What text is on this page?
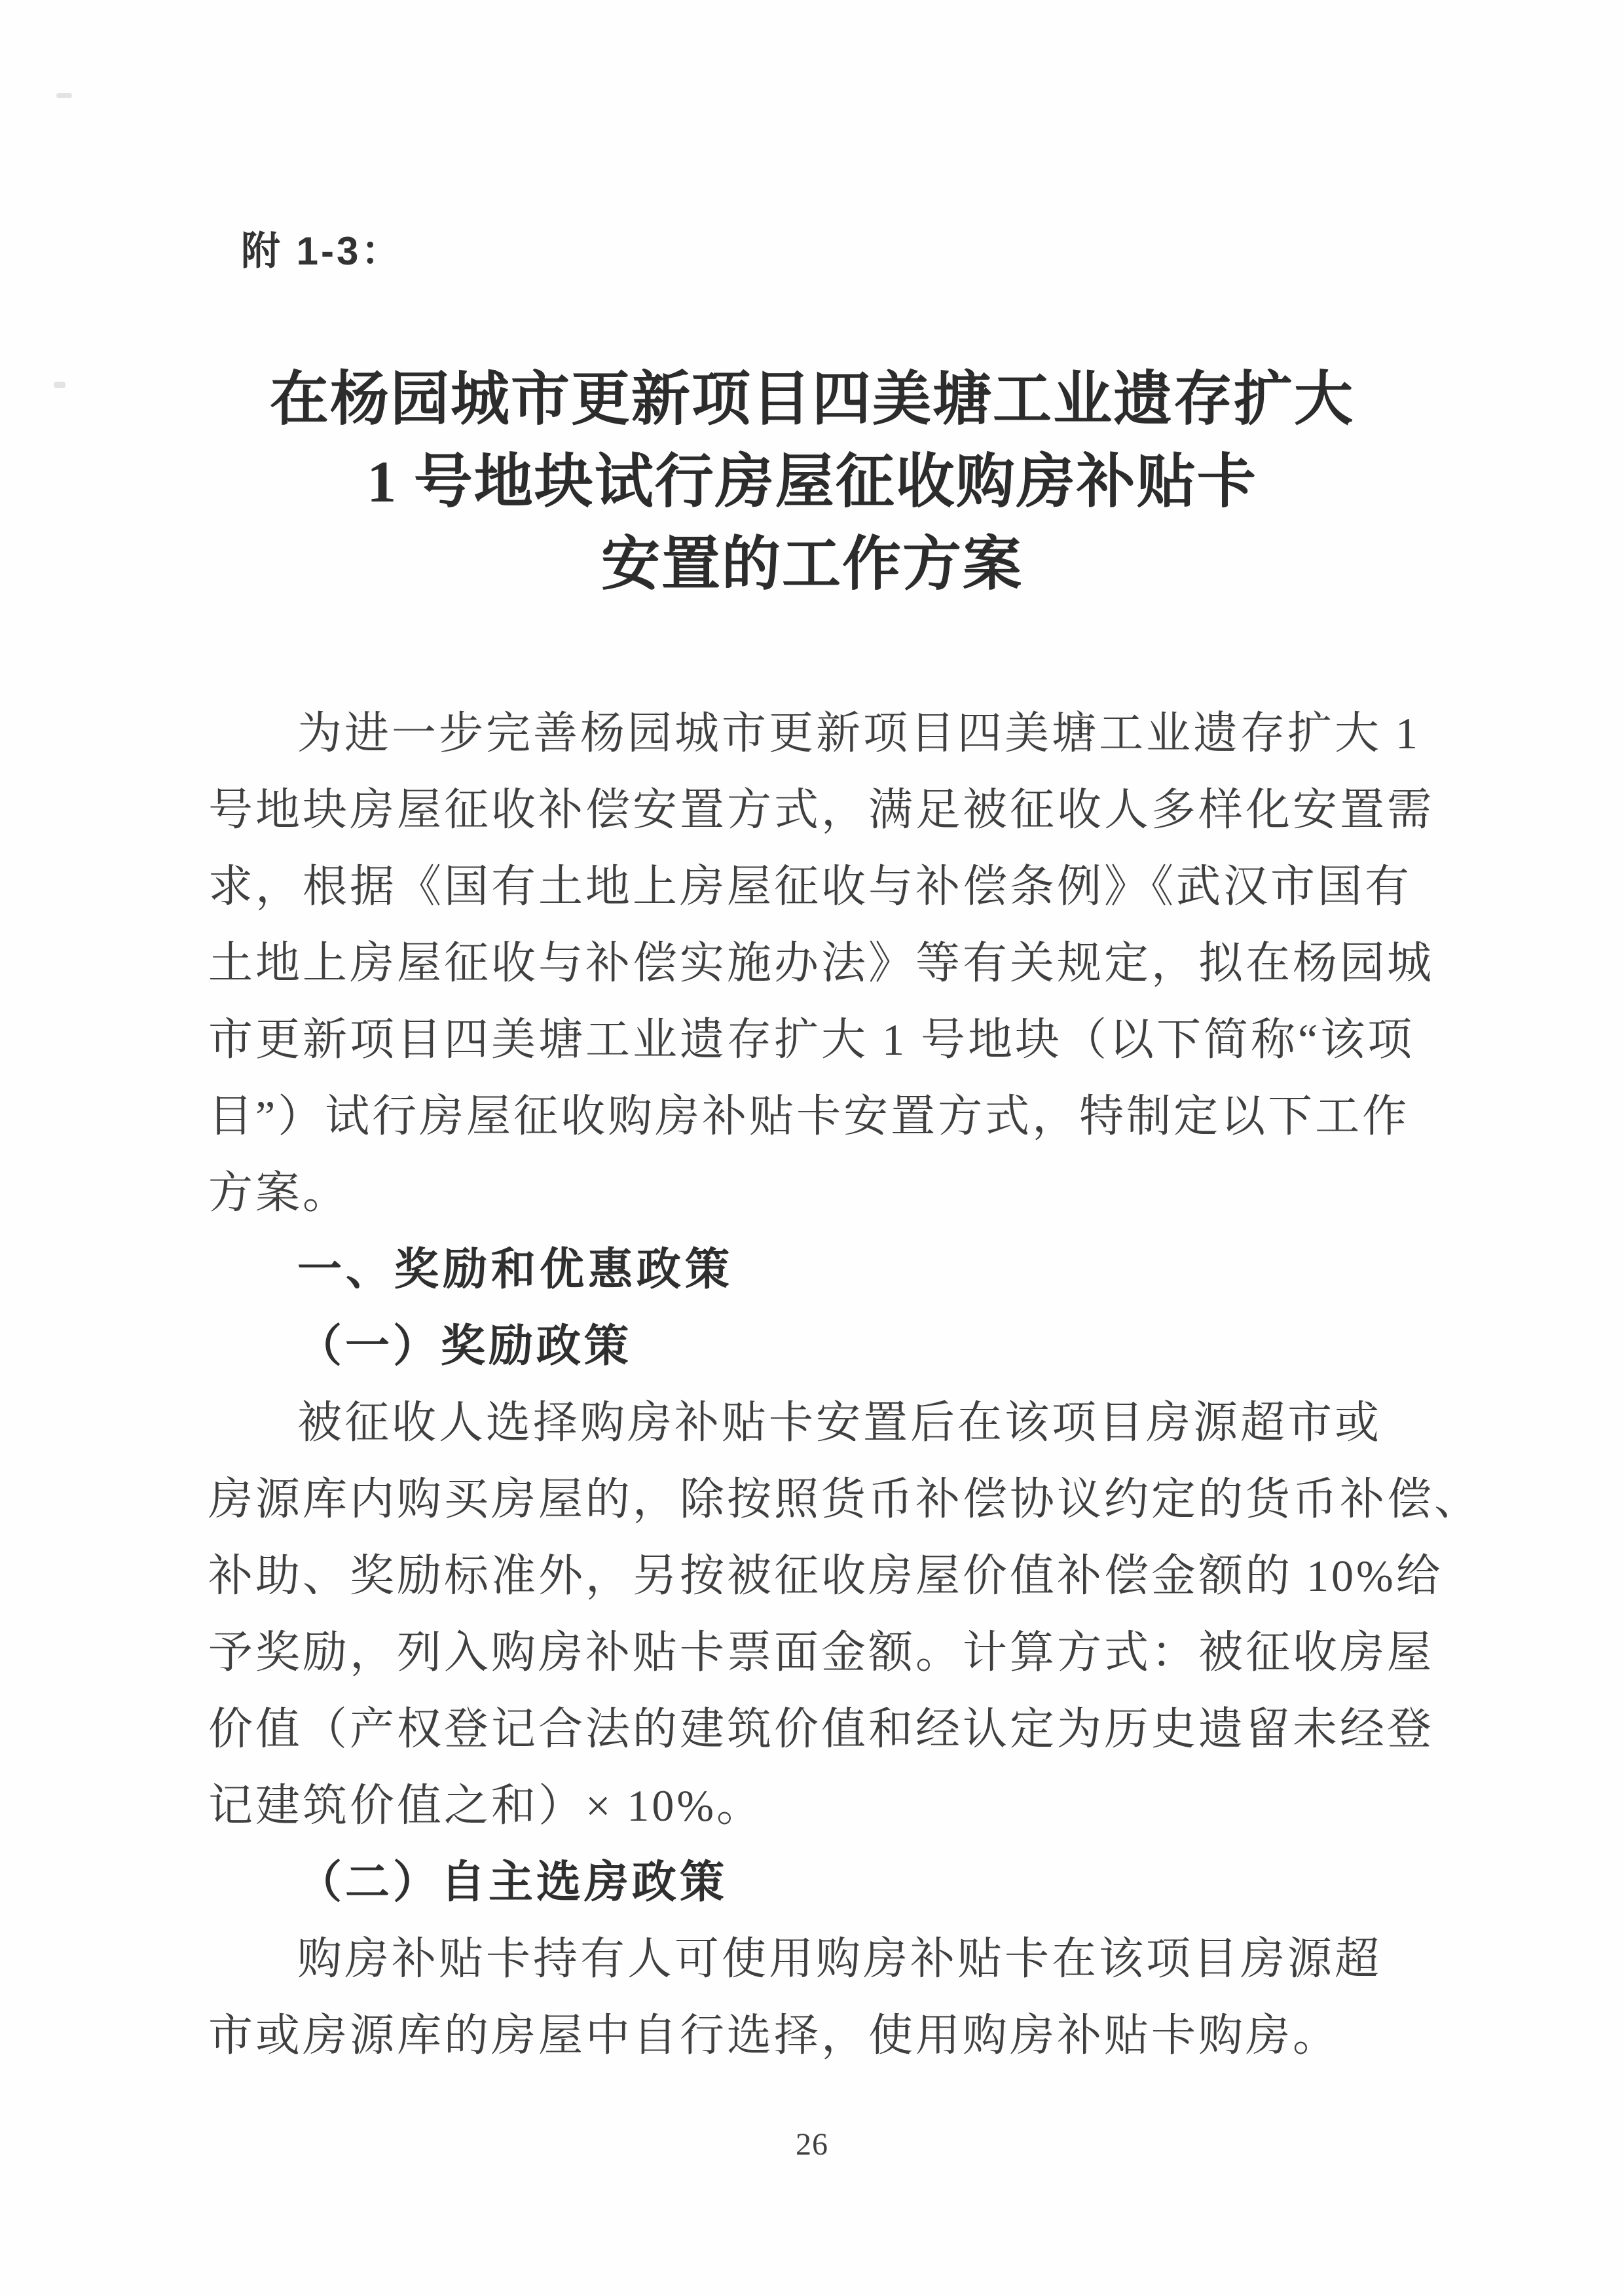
附 1-3：
在杨园城市更新项目四美塘工业遗存扩大
1 号地块试行房屋征收购房补贴卡
安置的工作方案

为进一步完善杨园城市更新项目四美塘工业遗存扩大 1
号地块房屋征收补偿安置方式，满足被征收人多样化安置需
求，根据《国有土地上房屋征收与补偿条例》《武汉市国有
土地上房屋征收与补偿实施办法》等有关规定，拟在杨园城
市更新项目四美塘工业遗存扩大 1 号地块（以下简称“该项
目”）试行房屋征收购房补贴卡安置方式，特制定以下工作
方案。

一、奖励和优惠政策
（一）奖励政策

被征收人选择购房补贴卡安置后在该项目房源超市或
房源库内购买房屋的，除按照货币补偿协议约定的货币补偿、
补助、奖励标准外，另按被征收房屋价值补偿金额的 10%给
予奖励，列入购房补贴卡票面金额。计算方式：被征收房屋
价值（产权登记合法的建筑价值和经认定为历史遗留未经登
记建筑价值之和）× 10%。

（二）自主选房政策

购房补贴卡持有人可使用购房补贴卡在该项目房源超
市或房源库的房屋中自行选择，使用购房补贴卡购房。

26
